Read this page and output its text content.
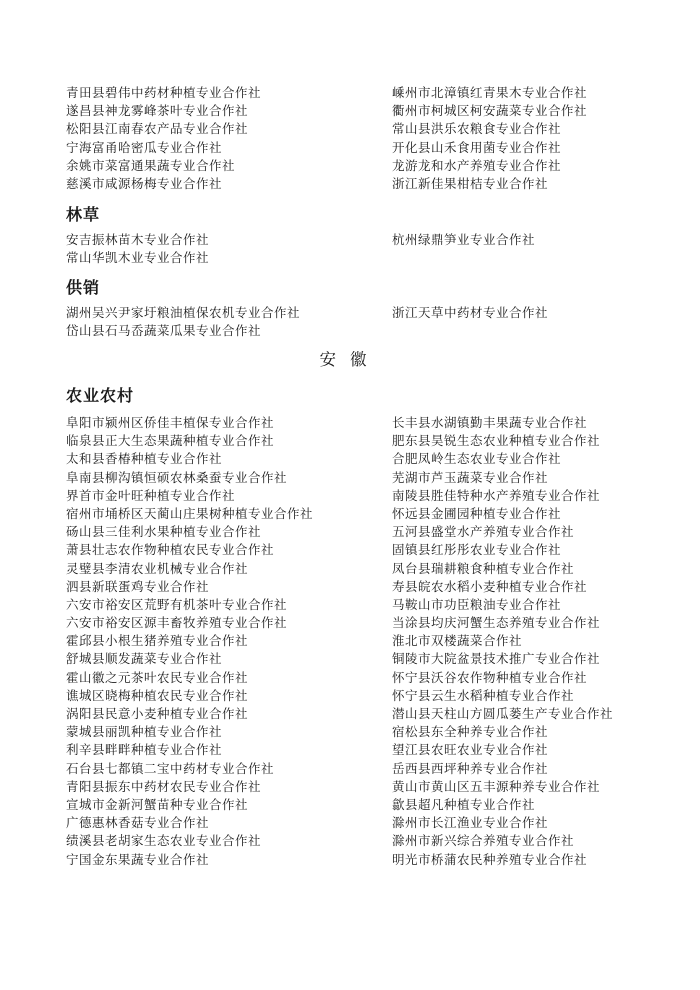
青田县碧伟中药材种植专业合作社
遂昌县神龙雾峰茶叶专业合作社
松阳县江南春农产品专业合作社
宁海富甬哈密瓜专业合作社
余姚市菜富通果蔬专业合作社
慈溪市咸源杨梅专业合作社
嵊州市北漳镇红青果木专业合作社
衢州市柯城区柯安蔬菜专业合作社
常山县洪乐农粮食专业合作社
开化县山禾食用菌专业合作社
龙游龙和水产养殖专业合作社
浙江新佳果柑桔专业合作社
林草
安吉振林苗木专业合作社
常山华凯木业专业合作社
杭州绿鼎笋业专业合作社
供销
湖州吴兴尹家圩粮油植保农机专业合作社
岱山县石马岙蔬菜瓜果专业合作社
浙江天草中药材专业合作社
安徽
农业农村
阜阳市颍州区侨佳丰植保专业合作社
临泉县正大生态果蔬种植专业合作社
太和县香椿种植专业合作社
阜南县柳沟镇恒硕农林桑蚕专业合作社
界首市金叶旺种植专业合作社
宿州市埇桥区天蔺山庄果树种植专业合作社
砀山县三佳利水果种植专业合作社
萧县壮志农作物种植农民专业合作社
灵璧县李清农业机械专业合作社
泗县新联蛋鸡专业合作社
六安市裕安区荒野有机茶叶专业合作社
六安市裕安区源丰畜牧养殖专业合作社
霍邱县小根生猪养殖专业合作社
舒城县顺发蔬菜专业合作社
霍山徽之元茶叶农民专业合作社
谯城区晓梅种植农民专业合作社
涡阳县民意小麦种植专业合作社
蒙城县丽凯种植专业合作社
利辛县畔畔种植专业合作社
石台县七都镇二宝中药材专业合作社
青阳县振东中药材农民专业合作社
宣城市金新河蟹苗种专业合作社
广德惠林香菇专业合作社
绩溪县老胡家生态农业专业合作社
宁国金东果蔬专业合作社
长丰县水湖镇勤丰果蔬专业合作社
肥东县昊锐生态农业种植专业合作社
合肥凤岭生态农业专业合作社
芜湖市芦玉蔬菜专业合作社
南陵县胜佳特种水产养殖专业合作社
怀远县金圃园种植专业合作社
五河县盛堂水产养殖专业合作社
固镇县红彤彤农业专业合作社
凤台县瑞耕粮食种植专业合作社
寿县皖农水稻小麦种植专业合作社
马鞍山市功臣粮油专业合作社
当涂县均庆河蟹生态养殖专业合作社
淮北市双楼蔬菜合作社
铜陵市大院盆景技术推广专业合作社
怀宁县沃谷农作物种植专业合作社
怀宁县云生水稻种植专业合作社
潜山县天柱山方圆瓜蒌生产专业合作社
宿松县东全种养专业合作社
望江县农旺农业专业合作社
岳西县西坪种养专业合作社
黄山市黄山区五丰源种养专业合作社
歙县超凡种植专业合作社
滁州市长江渔业专业合作社
滁州市新兴综合养殖专业合作社
明光市桥蒲农民种养殖专业合作社
